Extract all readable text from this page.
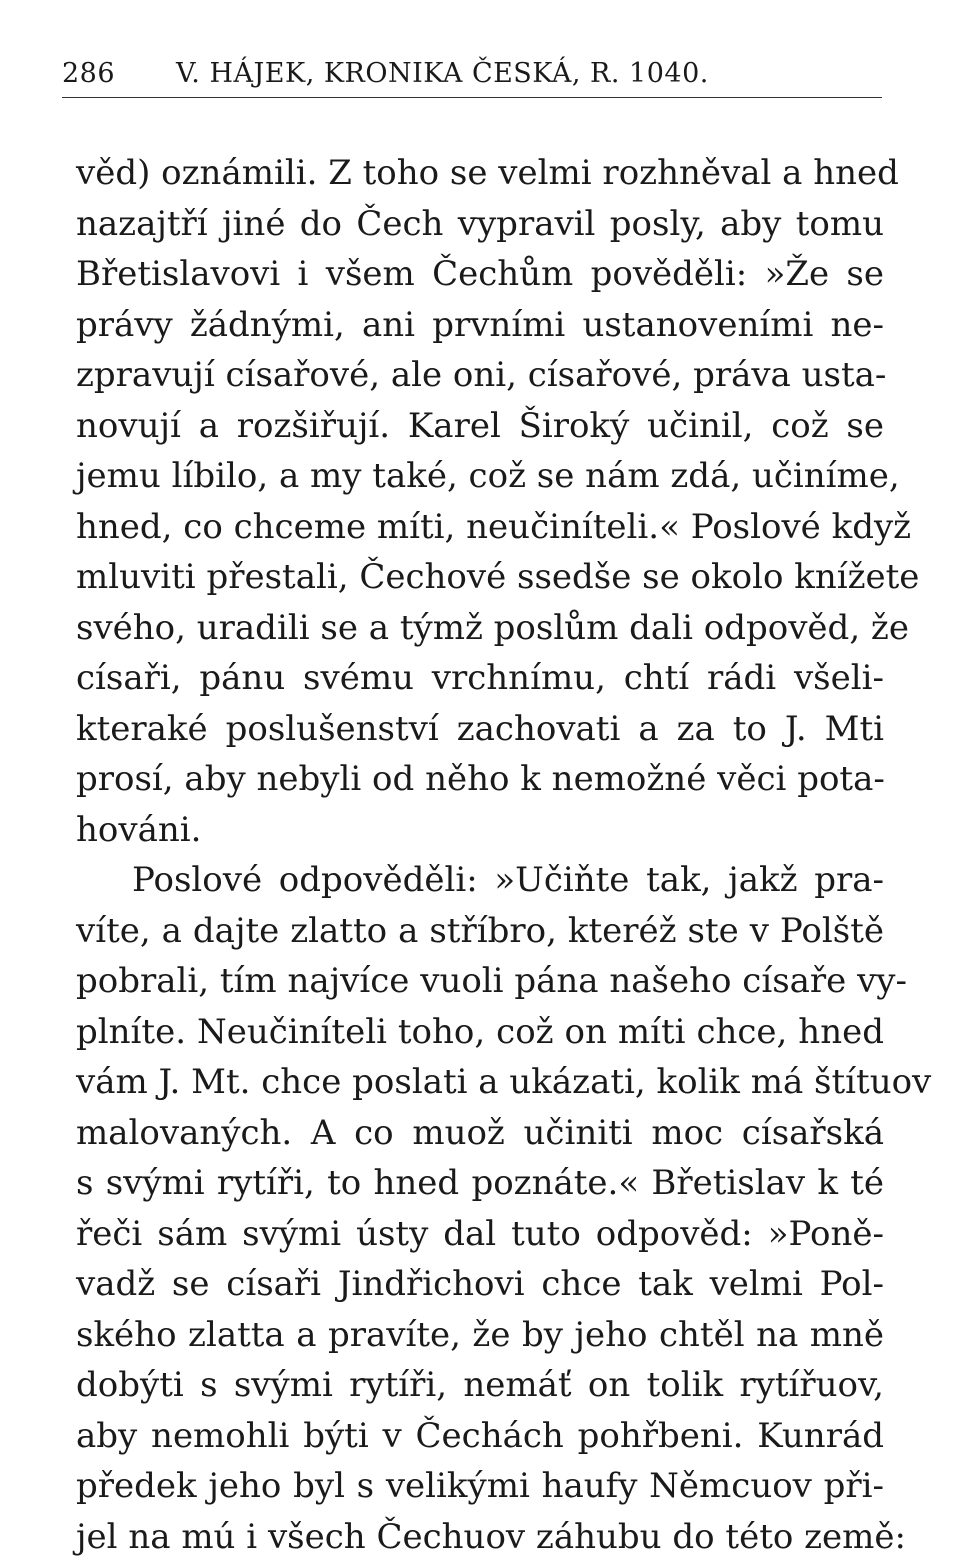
286 V. HÁJEK, KRONIKA ČESKÁ, R. 1040.
věd) oznámili. Z toho se velmi rozhněval a hned
nazajtří jiné do Čech vypravil posly, aby tomu
Břetislavovi i všem Čechům pověděli: »Že se
právy žádnými, ani prvními ustanoveními ne-
zpravují císařové, ale oni, císařové, práva usta-
novují a rozšiřují. Karel Široký učinil, což se
jemu líbilo, a my také, což se nám zdá, učiníme,
hned, co chceme míti, neučiníteli.« Poslové když
mluviti přestali, Čechové ssedše se okolo knížete
svého, uradili se a týmž poslům dali odpověd, že
císaři, pánu svému vrchnímu, chtí rádi všeli-
kteraké poslušenství zachovati a za to J. Mti
prosí, aby nebyli od něho k nemožné věci pota-
hováni.
Poslové odpověděli: »Učiňte tak, jakž pra-
víte, a dajte zlatto a stříbro, kteréž ste v Polště
pobrali, tím najvíce vuoli pána našeho císaře vy-
plníte. Neučiníteli toho, což on míti chce, hned
vám J. Mt. chce poslati a ukázati, kolik má štítuov
malovaných. A co muož učiniti moc císařská
s svými rytíři, to hned poznáte.« Břetislav k té
řeči sám svými ústy dal tuto odpověd: »Poně-
vadž se císaři Jindřichovi chce tak velmi Pol-
ského zlatta a pravíte, že by jeho chtěl na mně
dobýti s svými rytíři, nemáť on tolik rytířuov,
aby nemohli býti v Čechách pohřbeni. Kunrád
předek jeho byl s velikými haufy Němcuov při-
jel na mú i všech Čechuov záhubu do této země:
